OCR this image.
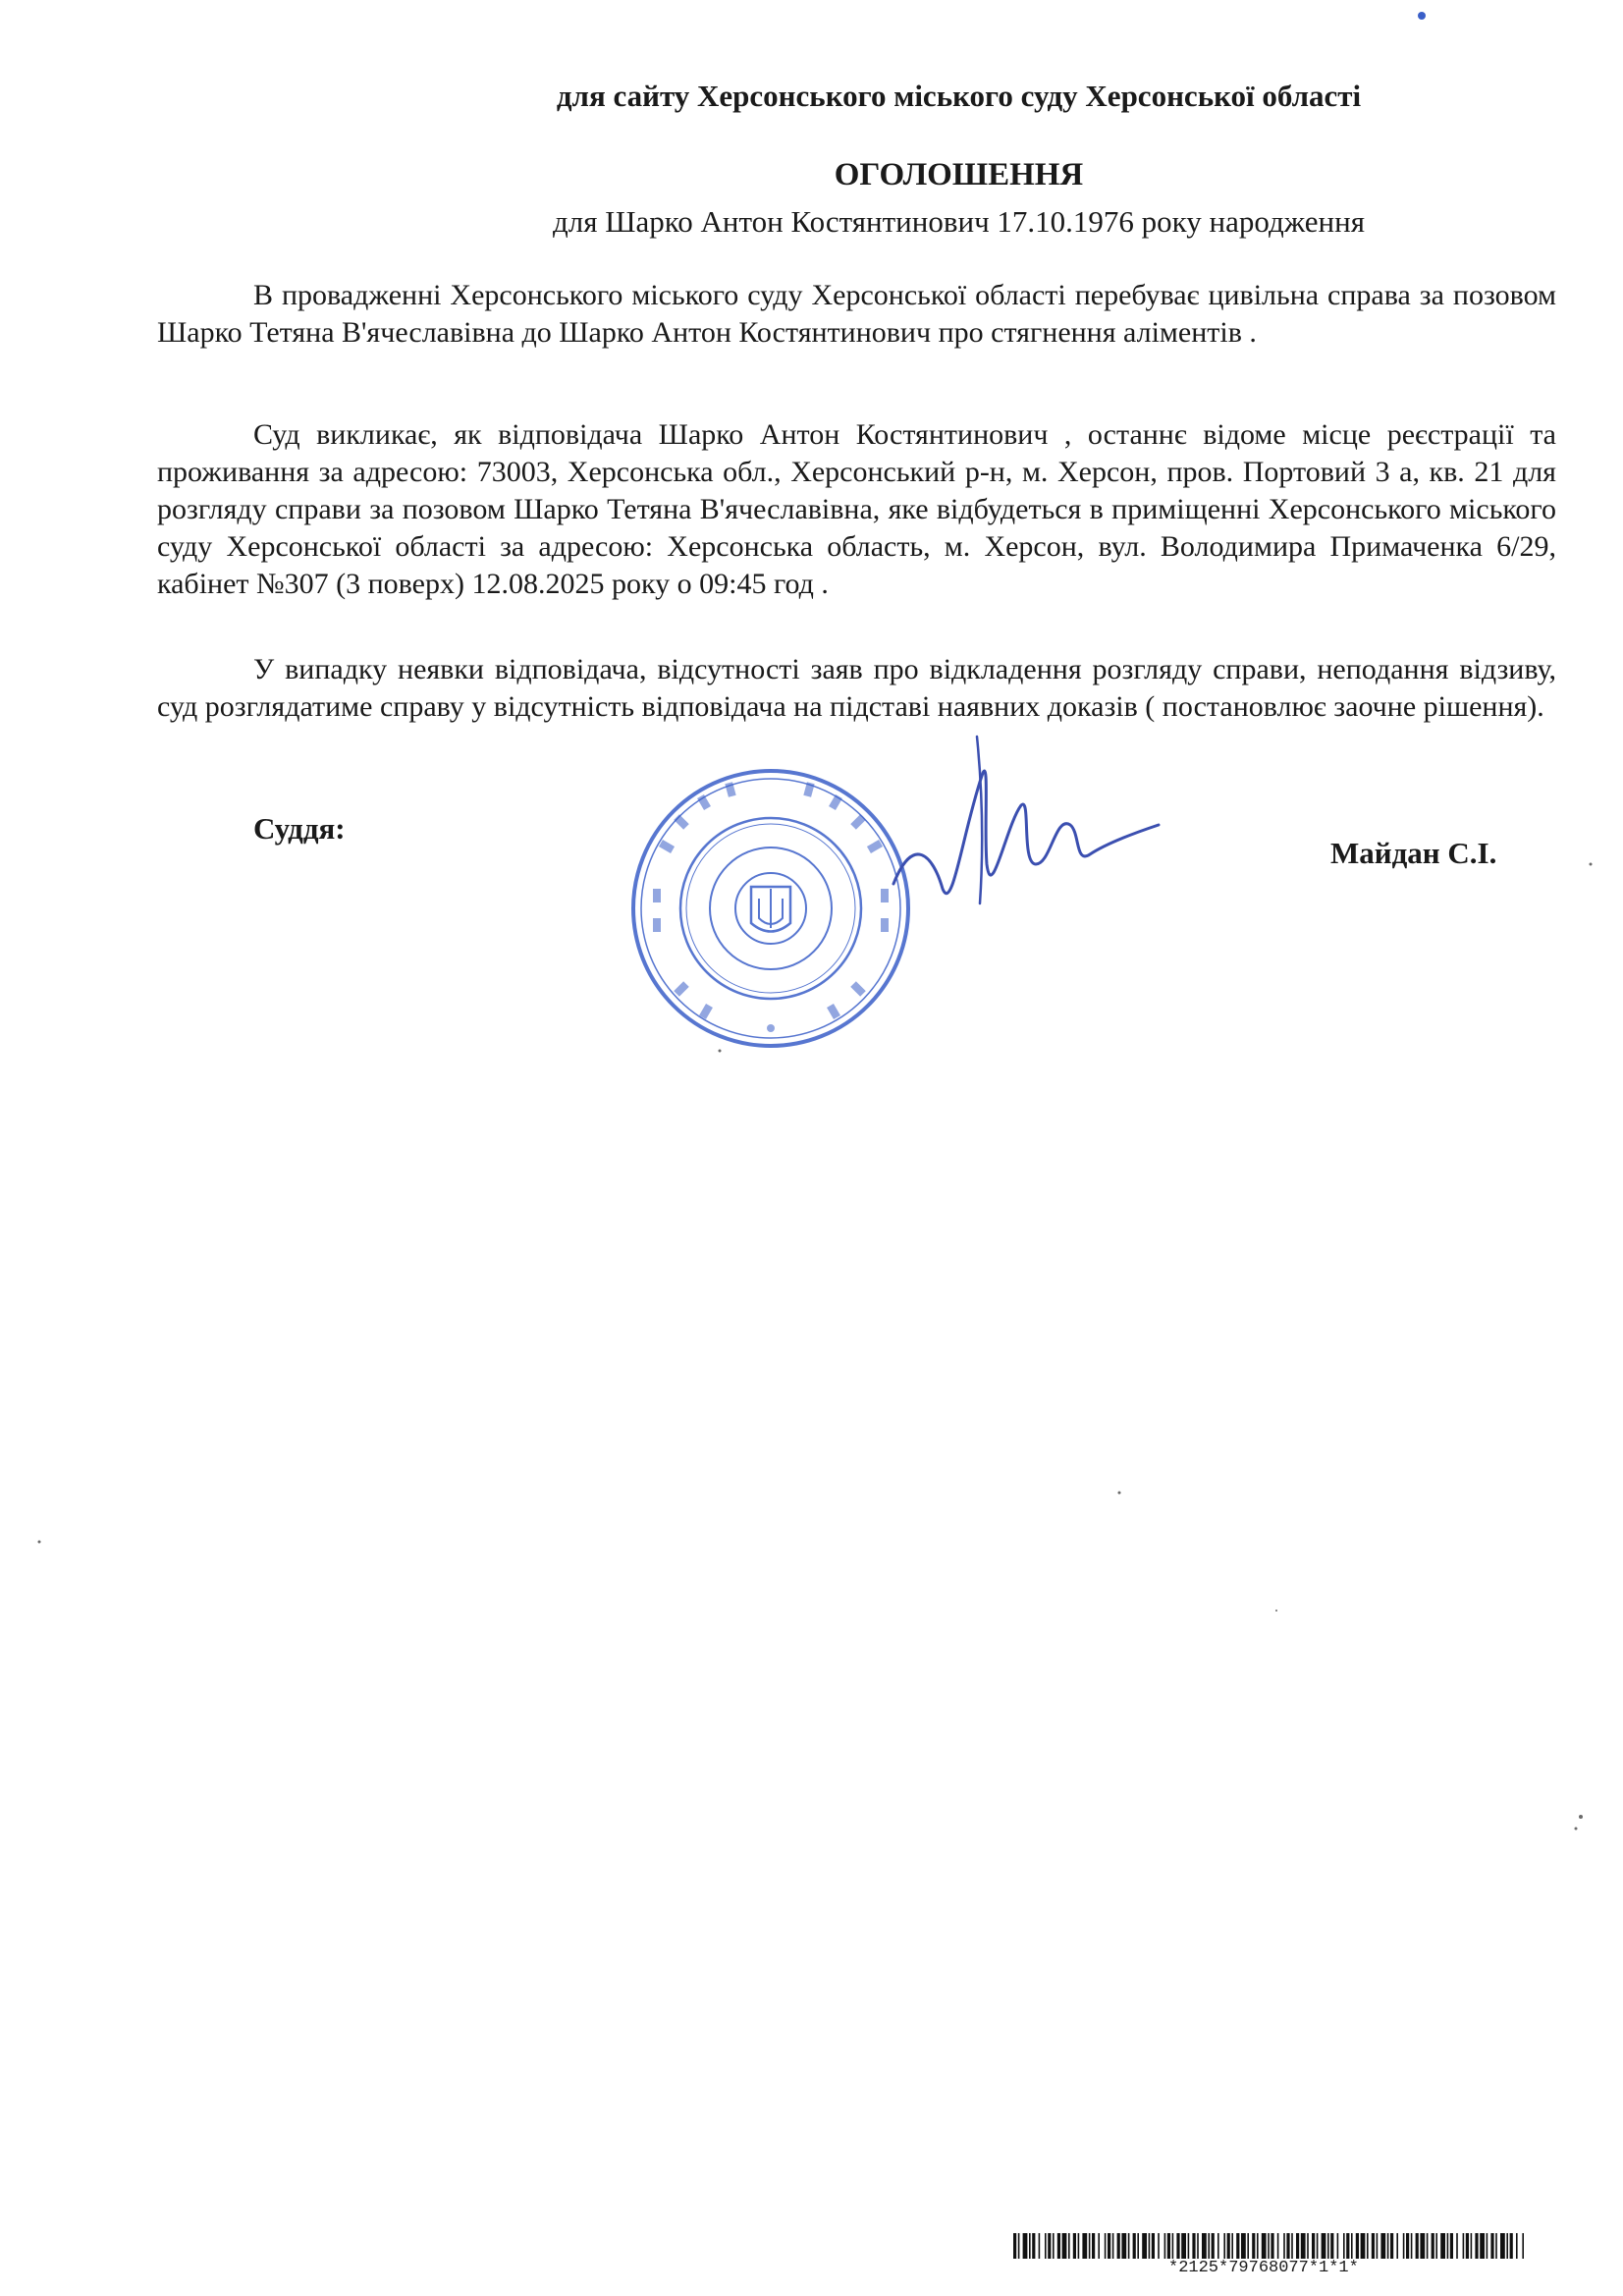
для сайту Херсонського міського суду Херсонської області
ОГОЛОШЕННЯ
для Шарко Антон Костянтинович 17.10.1976 року народження
В провадженні Херсонського міського суду Херсонської області перебуває цивільна справа за позовом Шарко Тетяна В'ячеславівна до Шарко Антон Костянтинович про стягнення аліментів .
Суд викликає, як відповідача Шарко Антон Костянтинович , останнє відоме місце реєстрації та проживання за адресою: 73003, Херсонська обл., Херсонський р-н, м. Херсон, пров. Портовий 3 а, кв. 21 для розгляду справи за позовом Шарко Тетяна В'ячеславівна, яке відбудеться в приміщенні Херсонського міського суду Херсонської області за адресою: Херсонська область, м. Херсон, вул. Володимира Примаченка 6/29, кабінет №307 (3 поверх) 12.08.2025 року о 09:45 год .
У випадку неявки відповідача, відсутності заяв про відкладення розгляду справи, неподання відзиву, суд розглядатиме справу у відсутність відповідача на підставі наявних доказів ( постановлює заочне рішення).
Суддя:
Майдан С.І.
*2125*79768077*1*1*
